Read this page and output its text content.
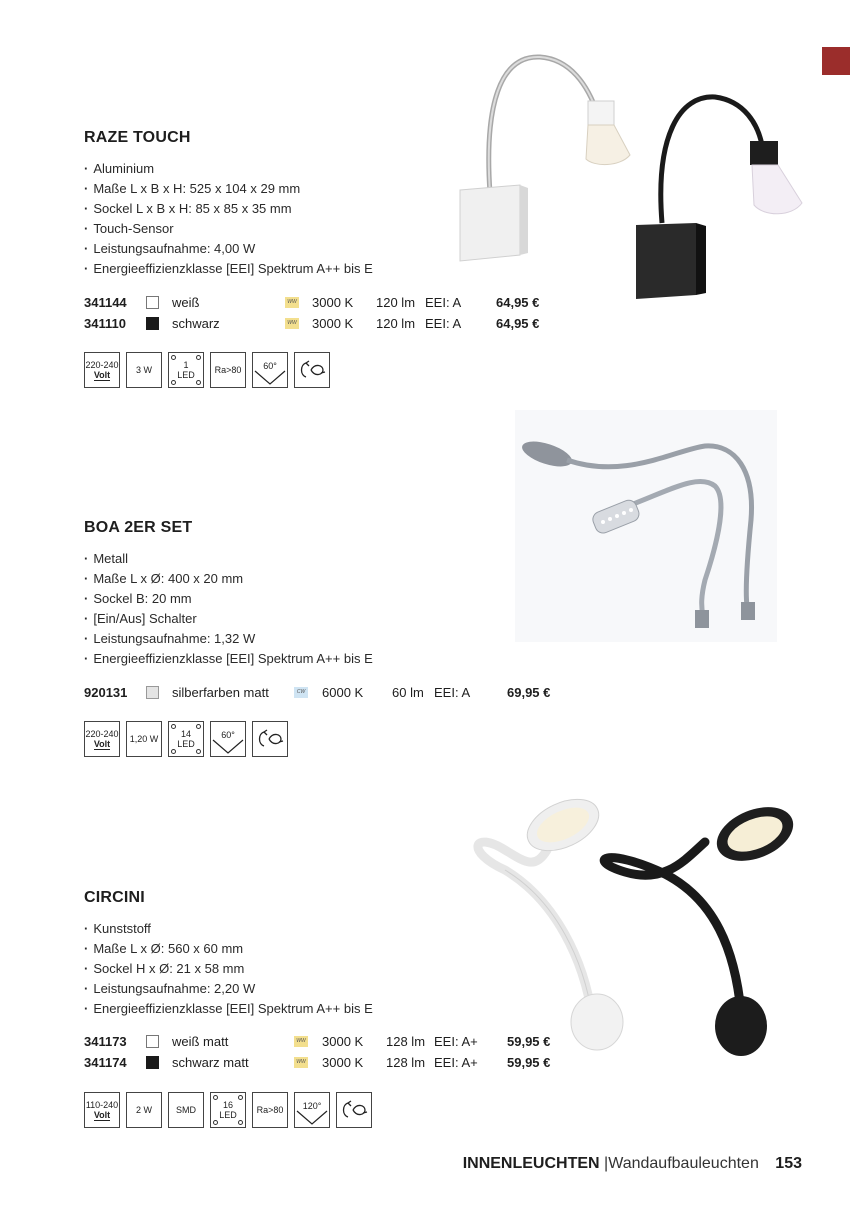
RAZE TOUCH
· Aluminium
· Maße L x B x H: 525 x 104 x 29 mm
· Sockel L x B x H: 85 x 85 x 35 mm
· Touch-Sensor
· Leistungsaufnahme: 4,00 W
· Energieeffizienzklasse [EEI] Spektrum A++ bis E
341144	weiß	WW 3000 K 120 lm EEI: A	64,95 €
341110	schwarz	WW 3000 K 120 lm EEI: A	64,95 €
220-240
Volt	3 W	1
LED Ra>80 60°
BOA 2ER SET
· Metall
· Maße L x Ø: 400 x 20 mm
· Sockel B: 20 mm
· [Ein/Aus] Schalter
· Leistungsaufnahme: 1,32 W
· Energieeffizienzklasse [EEI] Spektrum A++ bis E
920131	silberfarben matt	CW 6000 K 60 lm EEI: A	69,95 €
220-240
Volt 1,20 W	14
LED
60°
CIRCINI
· Kunststoff
· Maße L x Ø: 560 x 60 mm
· Sockel H x Ø: 21 x 58 mm
· Leistungsaufnahme: 2,20 W
· Energieeffizienzklasse [EEI] Spektrum A++ bis E
341173	weiß matt	WW 3000 K 128 lm EEI: A+ 59,95 €
341174	schwarz matt	WW 3000 K 128 lm EEI: A+ 59,95 €
110-240
Volt	2 W	SMD	16
LED Ra>80 120°
INNENLEUCHTEN |Wandaufbauleuchten 153
